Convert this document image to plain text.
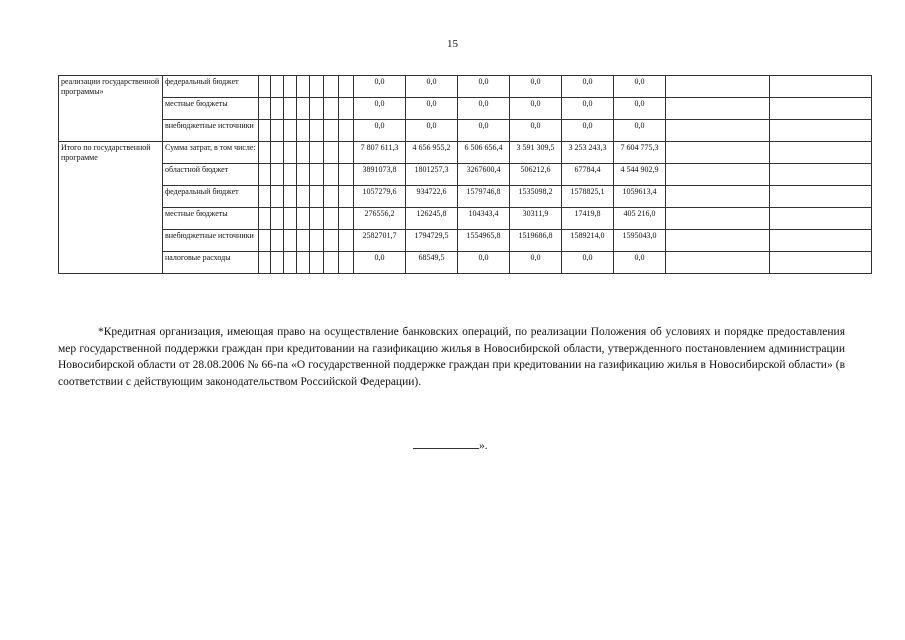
15
реализации государственной программы»	федеральный бюджет								0,0	0,0	0,0	0,0	0,0	0,0		
	местные бюджеты								0,0	0,0	0,0	0,0	0,0	0,0		
	внебюджетные источники								0,0	0,0	0,0	0,0	0,0	0,0		
Итого по государственной программе	Сумма затрат, в том числе:								7 807 611,3	4 656 955,2	6 506 656,4	3 591 309,5	3 253 243,3	7 604 775,3		
	областной бюджет								3891073,8	1801257,3	3267600,4	506212,6	67784,4	4 544 902,9		
	федеральный бюджет								1057279,6	934722,6	1579746,8	1535098,2	1578825,1	1059613,4		
	местные бюджеты								276556,2	126245,8	104343,4	30311,9	17419,8	405 216,0		
	внебюджетные источники								2582701,7	1794729,5	1554965,8	1519686,8	1589214,0	1595043,0		
	налоговые расходы								0,0	68549,5	0,0	0,0	0,0	0,0		

*Кредитная организация, имеющая право на осуществление банковских операций, по реализации Положения об условиях и порядке предоставления мер государственной поддержки граждан при кредитовании на газификацию жилья в Новосибирской области, утвержденного постановлением администрации Новосибирской области от 28.08.2006 № 66-па «О государственной поддержке граждан при кредитовании на газификацию жилья в Новосибирской области» (в соответствии с действующим законодательством Российской Федерации).

».
